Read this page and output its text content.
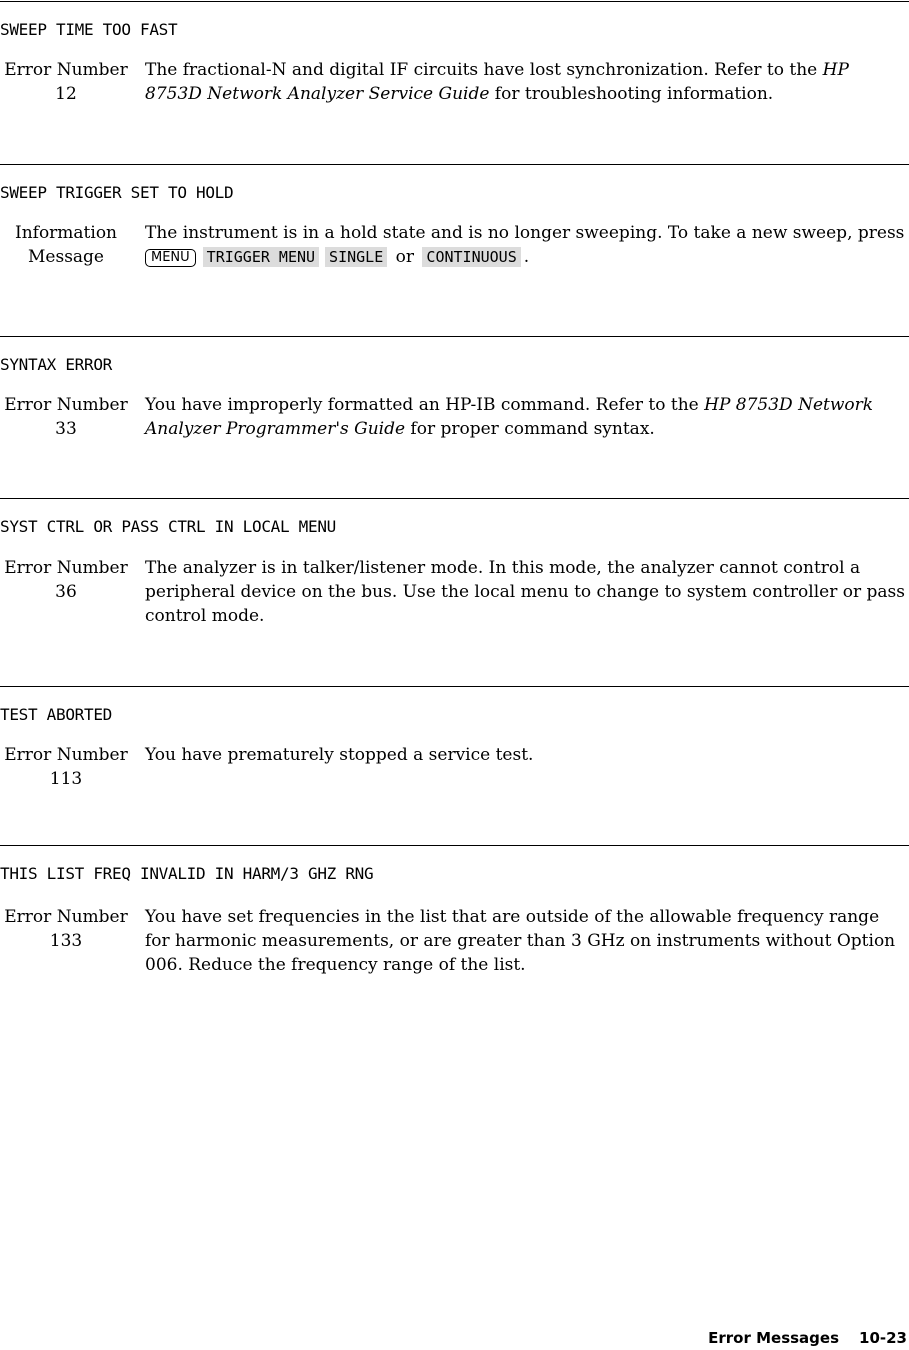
SWEEP TIME TOO FAST
Error Number
12
The fractional-N and digital IF circuits have lost synchronization. Refer to the HP 8753D Network Analyzer Service Guide for troubleshooting information.
SWEEP TRIGGER SET TO HOLD
Information
Message
The instrument is in a hold state and is no longer sweeping. To take a new sweep, press MENU TRIGGER MENU SINGLE or CONTINUOUS .
SYNTAX ERROR
Error Number
33
You have improperly formatted an HP-IB command. Refer to the HP 8753D Network Analyzer Programmer's Guide for proper command syntax.
SYST CTRL OR PASS CTRL IN LOCAL MENU
Error Number
36
The analyzer is in talker/listener mode. In this mode, the analyzer cannot control a peripheral device on the bus. Use the local menu to change to system controller or pass control mode.
TEST ABORTED
Error Number
113
You have prematurely stopped a service test.
THIS LIST FREQ INVALID IN HARM/3 GHZ RNG
Error Number
133
You have set frequencies in the list that are outside of the allowable frequency range for harmonic measurements, or are greater than 3 GHz on instruments without Option 006. Reduce the frequency range of the list.
Error Messages 10-23
